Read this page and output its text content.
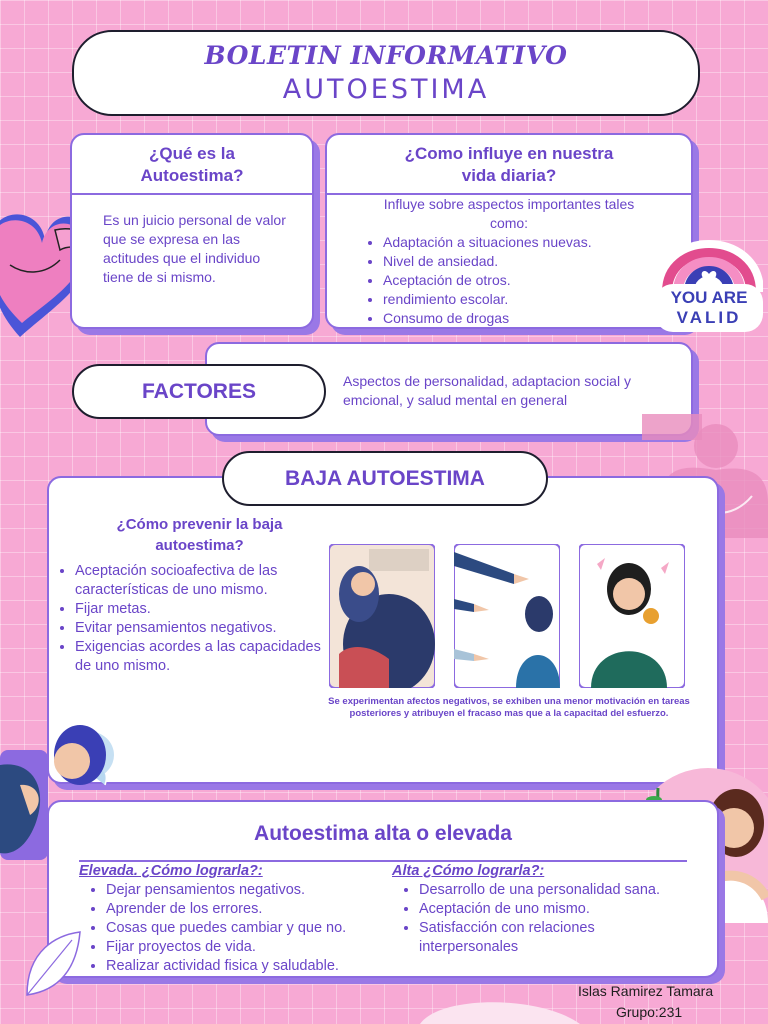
BOLETIN INFORMATIVO
AUTOESTIMA
¿Qué es la
Autoestima?
Es un juicio personal de valor que se expresa en las actitudes que el individuo tiene de si mismo.
¿Como influye en nuestra
vida diaria?
Influye sobre aspectos importantes tales
como:
• Adaptación a situaciones nuevas.
• Nivel de ansiedad.
• Aceptación de otros.
• rendimiento escolar.
• Consumo de drogas
YOU ARE
VALID
Aspectos de personalidad, adaptacion social y emcional, y salud mental en general
FACTORES
¿Cómo prevenir la baja
autoestima?
• Aceptación socioafectiva de las características de uno mismo.
• Fijar metas.
• Evitar pensamientos negativos.
• Exigencias acordes a las capacidades de uno mismo.
Se experimentan afectos negativos, se exhiben una menor motivación en tareas posteriores y atribuyen el fracaso mas que a la capacitad del esfuerzo.
BAJA AUTOESTIMA
Autoestima alta o elevada
Elevada. ¿Cómo lograrla?:
• Dejar pensamientos negativos.
• Aprender de los errores.
• Cosas que puedes cambiar y que no.
• Fijar proyectos de vida.
• Realizar actividad fisica y saludable.
Alta ¿Cómo lograrla?:
• Desarrollo de una personalidad sana.
• Aceptación de uno mismo.
• Satisfacción con relaciones interpersonales
Islas Ramirez Tamara
Grupo:231
